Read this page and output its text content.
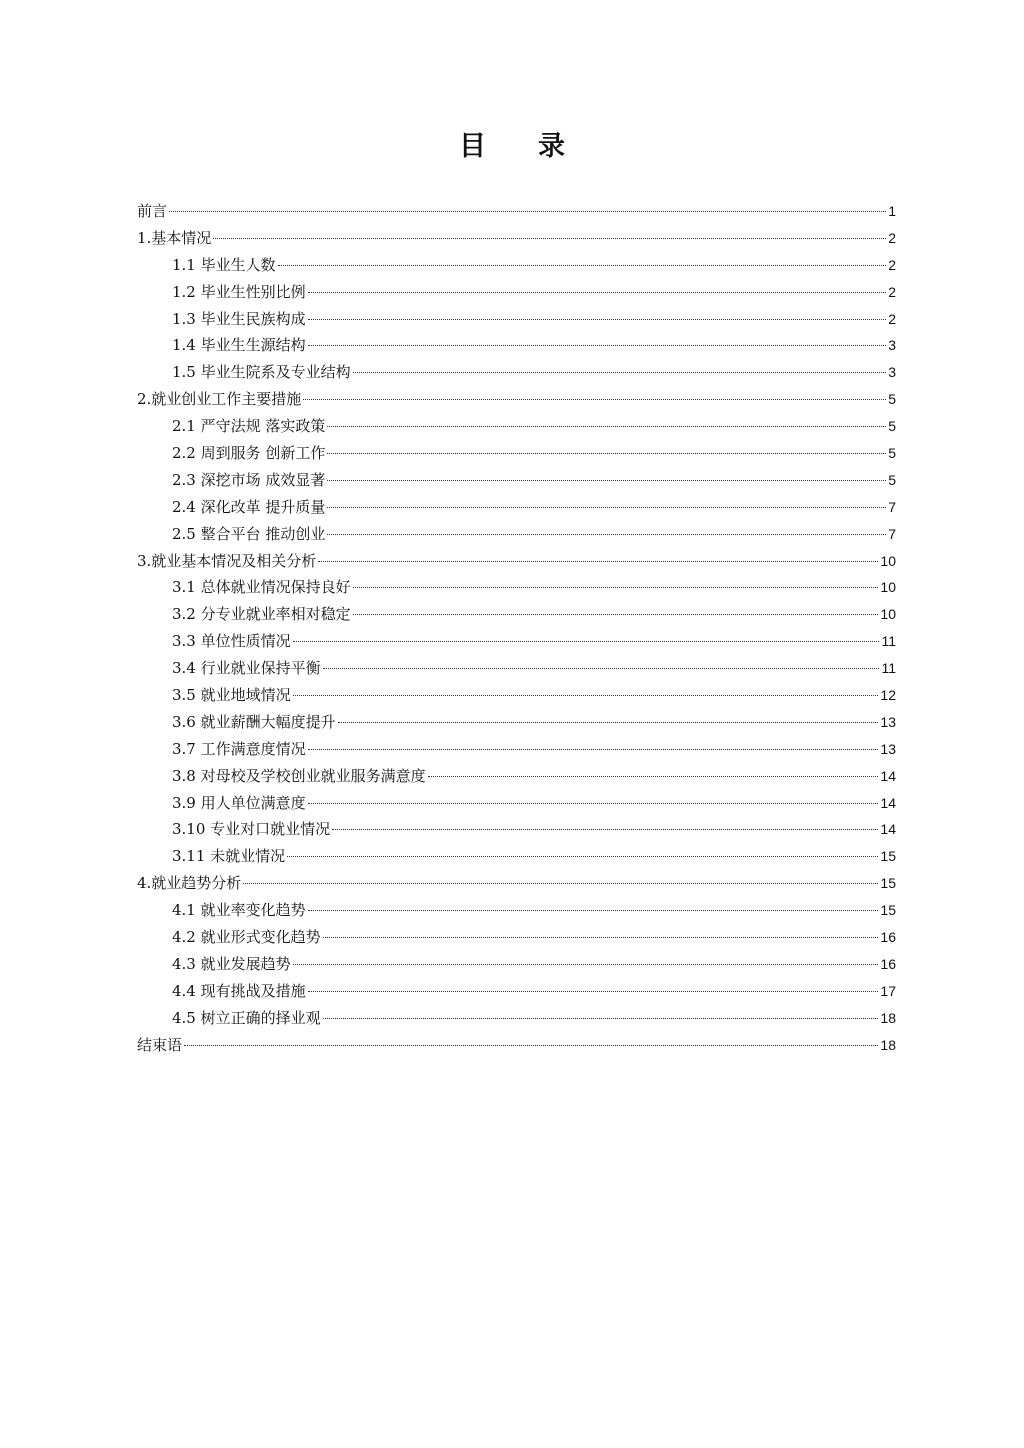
目录
前言	1
1.基本情况	2
1.1 毕业生人数	2
1.2 毕业生性别比例	2
1.3 毕业生民族构成	2
1.4 毕业生生源结构	3
1.5 毕业生院系及专业结构	3
2.就业创业工作主要措施	5
2.1 严守法规 落实政策	5
2.2 周到服务 创新工作	5
2.3 深挖市场 成效显著	5
2.4 深化改革 提升质量	7
2.5 整合平台 推动创业	7
3.就业基本情况及相关分析	10
3.1 总体就业情况保持良好	10
3.2 分专业就业率相对稳定	10
3.3 单位性质情况	11
3.4 行业就业保持平衡	11
3.5 就业地域情况	12
3.6 就业薪酬大幅度提升	13
3.7 工作满意度情况	13
3.8 对母校及学校创业就业服务满意度	14
3.9 用人单位满意度	14
3.10 专业对口就业情况	14
3.11 未就业情况	15
4.就业趋势分析	15
4.1 就业率变化趋势	15
4.2 就业形式变化趋势	16
4.3 就业发展趋势	16
4.4 现有挑战及措施	17
4.5 树立正确的择业观	18
结束语	18
